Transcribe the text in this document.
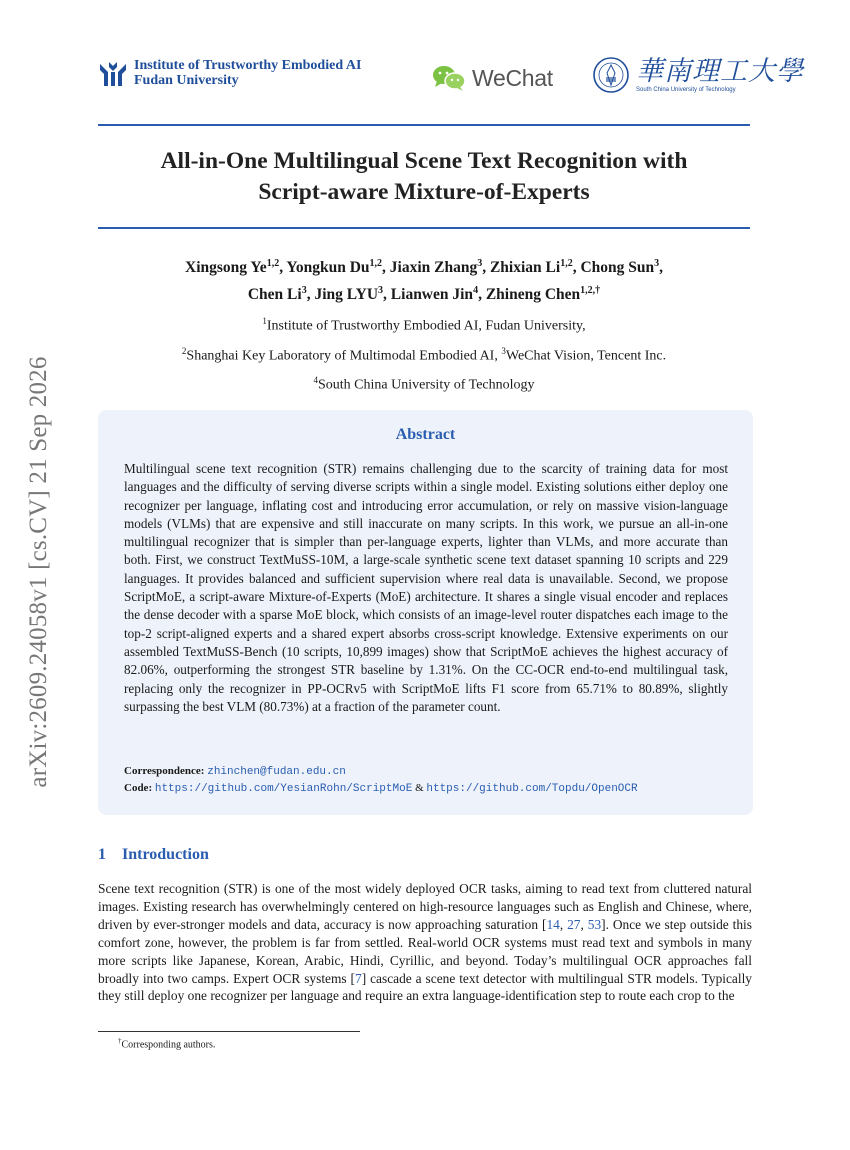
Institute of Trustworthy Embodied AI
Fudan University	WeChat	華南理工大學
South China University of Technology
arXiv:2609.24058v1 [cs.CV] 21 Sep 2026
All-in-One Multilingual Scene Text Recognition with
Script-aware Mixture-of-Experts
Xingsong Ye$^{1,2}$, Yongkun Du$^{1,2}$, Jiaxin Zhang$^3$, Zhixian Li$^{1,2}$, Chong Sun$^3$,
Chen Li$^3$, Jing LYU$^3$, Lianwen Jin$^4$, Zhineng Chen$^{1,2,\dagger}$
$^1$Institute of Trustworthy Embodied AI, Fudan University,
$^2$Shanghai Key Laboratory of Multimodal Embodied AI, $^3$WeChat Vision, Tencent Inc.
$^4$South China University of Technology
Abstract
Multilingual scene text recognition (STR) remains challenging due to the scarcity of training data for most languages and the difficulty of serving diverse scripts within a single model. Existing solutions either deploy one recognizer per language, inflating cost and introducing error accumulation, or rely on massive vision-language models (VLMs) that are expensive and still inaccurate on many scripts. In this work, we pursue an all-in-one multilingual recognizer that is simpler than per-language experts, lighter than VLMs, and more accurate than both. First, we construct TextMuSS-10M, a large-scale synthetic scene text dataset spanning 10 scripts and 229 languages. It provides balanced and sufficient supervision where real data is unavailable. Second, we propose ScriptMoE, a script-aware Mixture-of-Experts (MoE) architecture. It shares a single visual encoder and replaces the dense decoder with a sparse MoE block, which consists of an image-level router dispatches each image to the top-2 script-aligned experts and a shared expert absorbs cross-script knowledge. Extensive experiments on our assembled TextMuSS-Bench (10 scripts, 10,899 images) show that ScriptMoE achieves the highest accuracy of 82.06%, outperforming the strongest STR baseline by 1.31%. On the CC-OCR end-to-end multilingual task, replacing only the recognizer in PP-OCRv5 with ScriptMoE lifts F1 score from 65.71% to 80.89%, slightly surpassing the best VLM (80.73%) at a fraction of the parameter count.
Correspondence: zhinchen@fudan.edu.cn
Code: https://github.com/YesianRohn/ScriptMoE & https://github.com/Topdu/OpenOCR
1 Introduction
Scene text recognition (STR) is one of the most widely deployed OCR tasks, aiming to read text from cluttered natural images. Existing research has overwhelmingly centered on high-resource languages such as English and Chinese, where, driven by ever-stronger models and data, accuracy is now approaching saturation [14, 27, 53]. Once we step outside this comfort zone, however, the problem is far from settled. Real-world OCR systems must read text and symbols in many more scripts like Japanese, Korean, Arabic, Hindi, Cyrillic, and beyond. Today’s multilingual OCR approaches fall broadly into two camps. Expert OCR systems [7] cascade a scene text detector with multilingual STR models. Typically they still deploy one recognizer per language and require an extra language-identification step to route each crop to the
†Corresponding authors.
